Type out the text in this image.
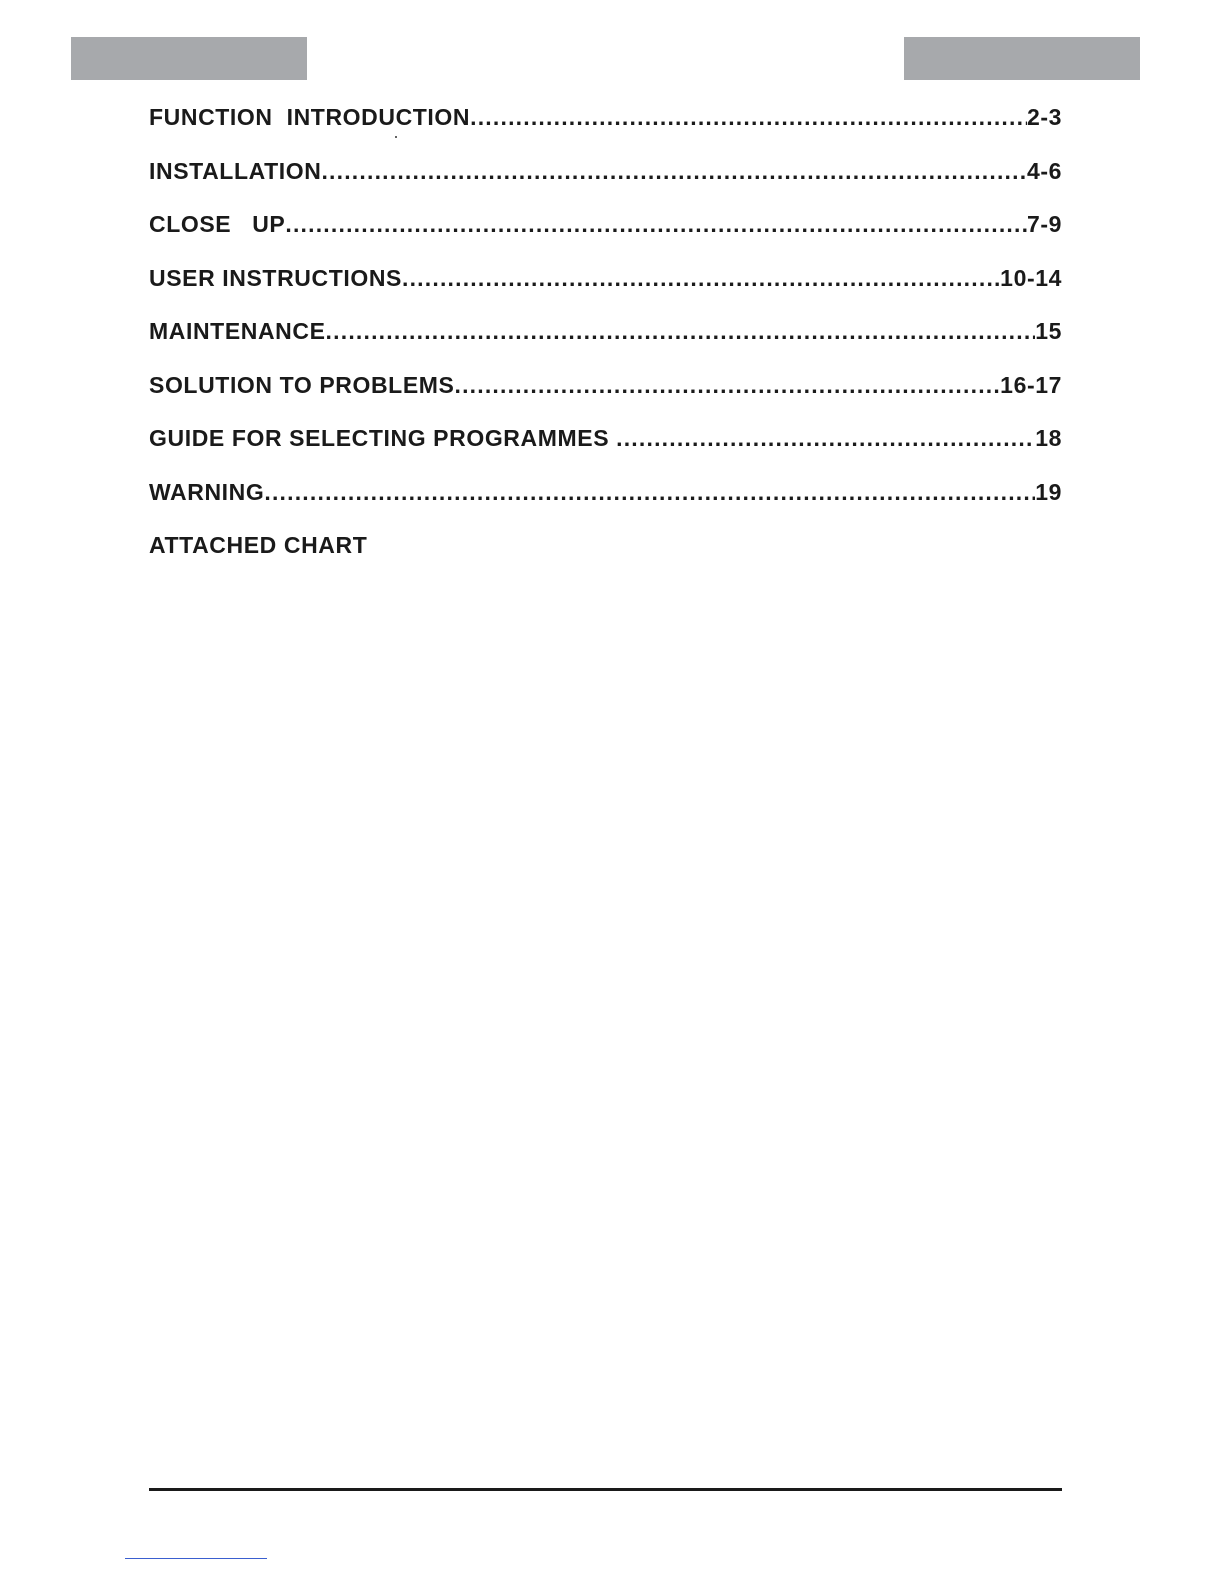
FUNCTION  INTRODUCTION .....	2-3
INSTALLATION .....	4-6
CLOSE   UP .....	7-9
USER INSTRUCTIONS .....	10-14
MAINTENANCE .....	15
SOLUTION TO PROBLEMS .....	16-17
GUIDE FOR SELECTING PROGRAMMES .....	18
WARNING .....	19
ATTACHED CHART
